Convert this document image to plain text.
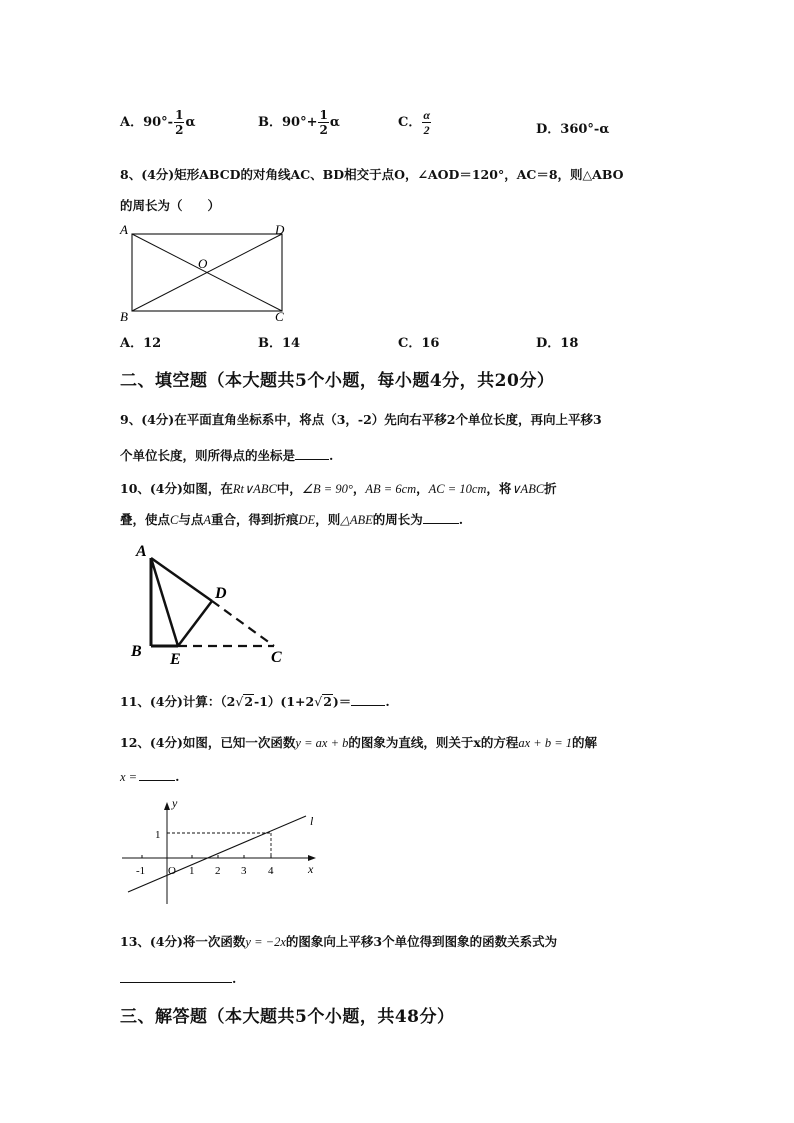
A．$90^\circ- \frac{1}{2}$ α	B．$90^\circ+ \frac{1}{2}$ α	C． $\frac{\alpha}{2}$	D．360°-α
8、(4分)矩形ABCD的对角线AC、BD相交于点O，∠AOD＝120°，AC＝8，则△ABO
的周长为（　　）
A	D
O
B	C
A．12	B．14	C．16	D．18
二、填空题（本大题共5个小题，每小题4分，共20分）
9、(4分)在平面直角坐标系中，将点（3，-2）先向右平移2个单位长度，再向上平移3
个单位长度，则所得点的坐标是	.
10、(4分)如图，在Rt∨ABC中，∠B = 90°，AB = 6cm，AC = 10cm，将∨ABC折
叠，使点C与点A重合，得到折痕DE，则△ABE的周长为	.
A
D
B E	C
11、(4分)计算：（2√2-1）(1+2√2)＝	.
12、(4分)如图，已知一次函数y = ax + b的图象为直线，则关于x的方程ax + b = 1的解
x =	.
y
x
l
1
-1 O 1 2 3 4
13、(4分)将一次函数y = −2x的图象向上平移3个单位得到图象的函数关系式为
.
三、解答题（本大题共5个小题，共48分）
